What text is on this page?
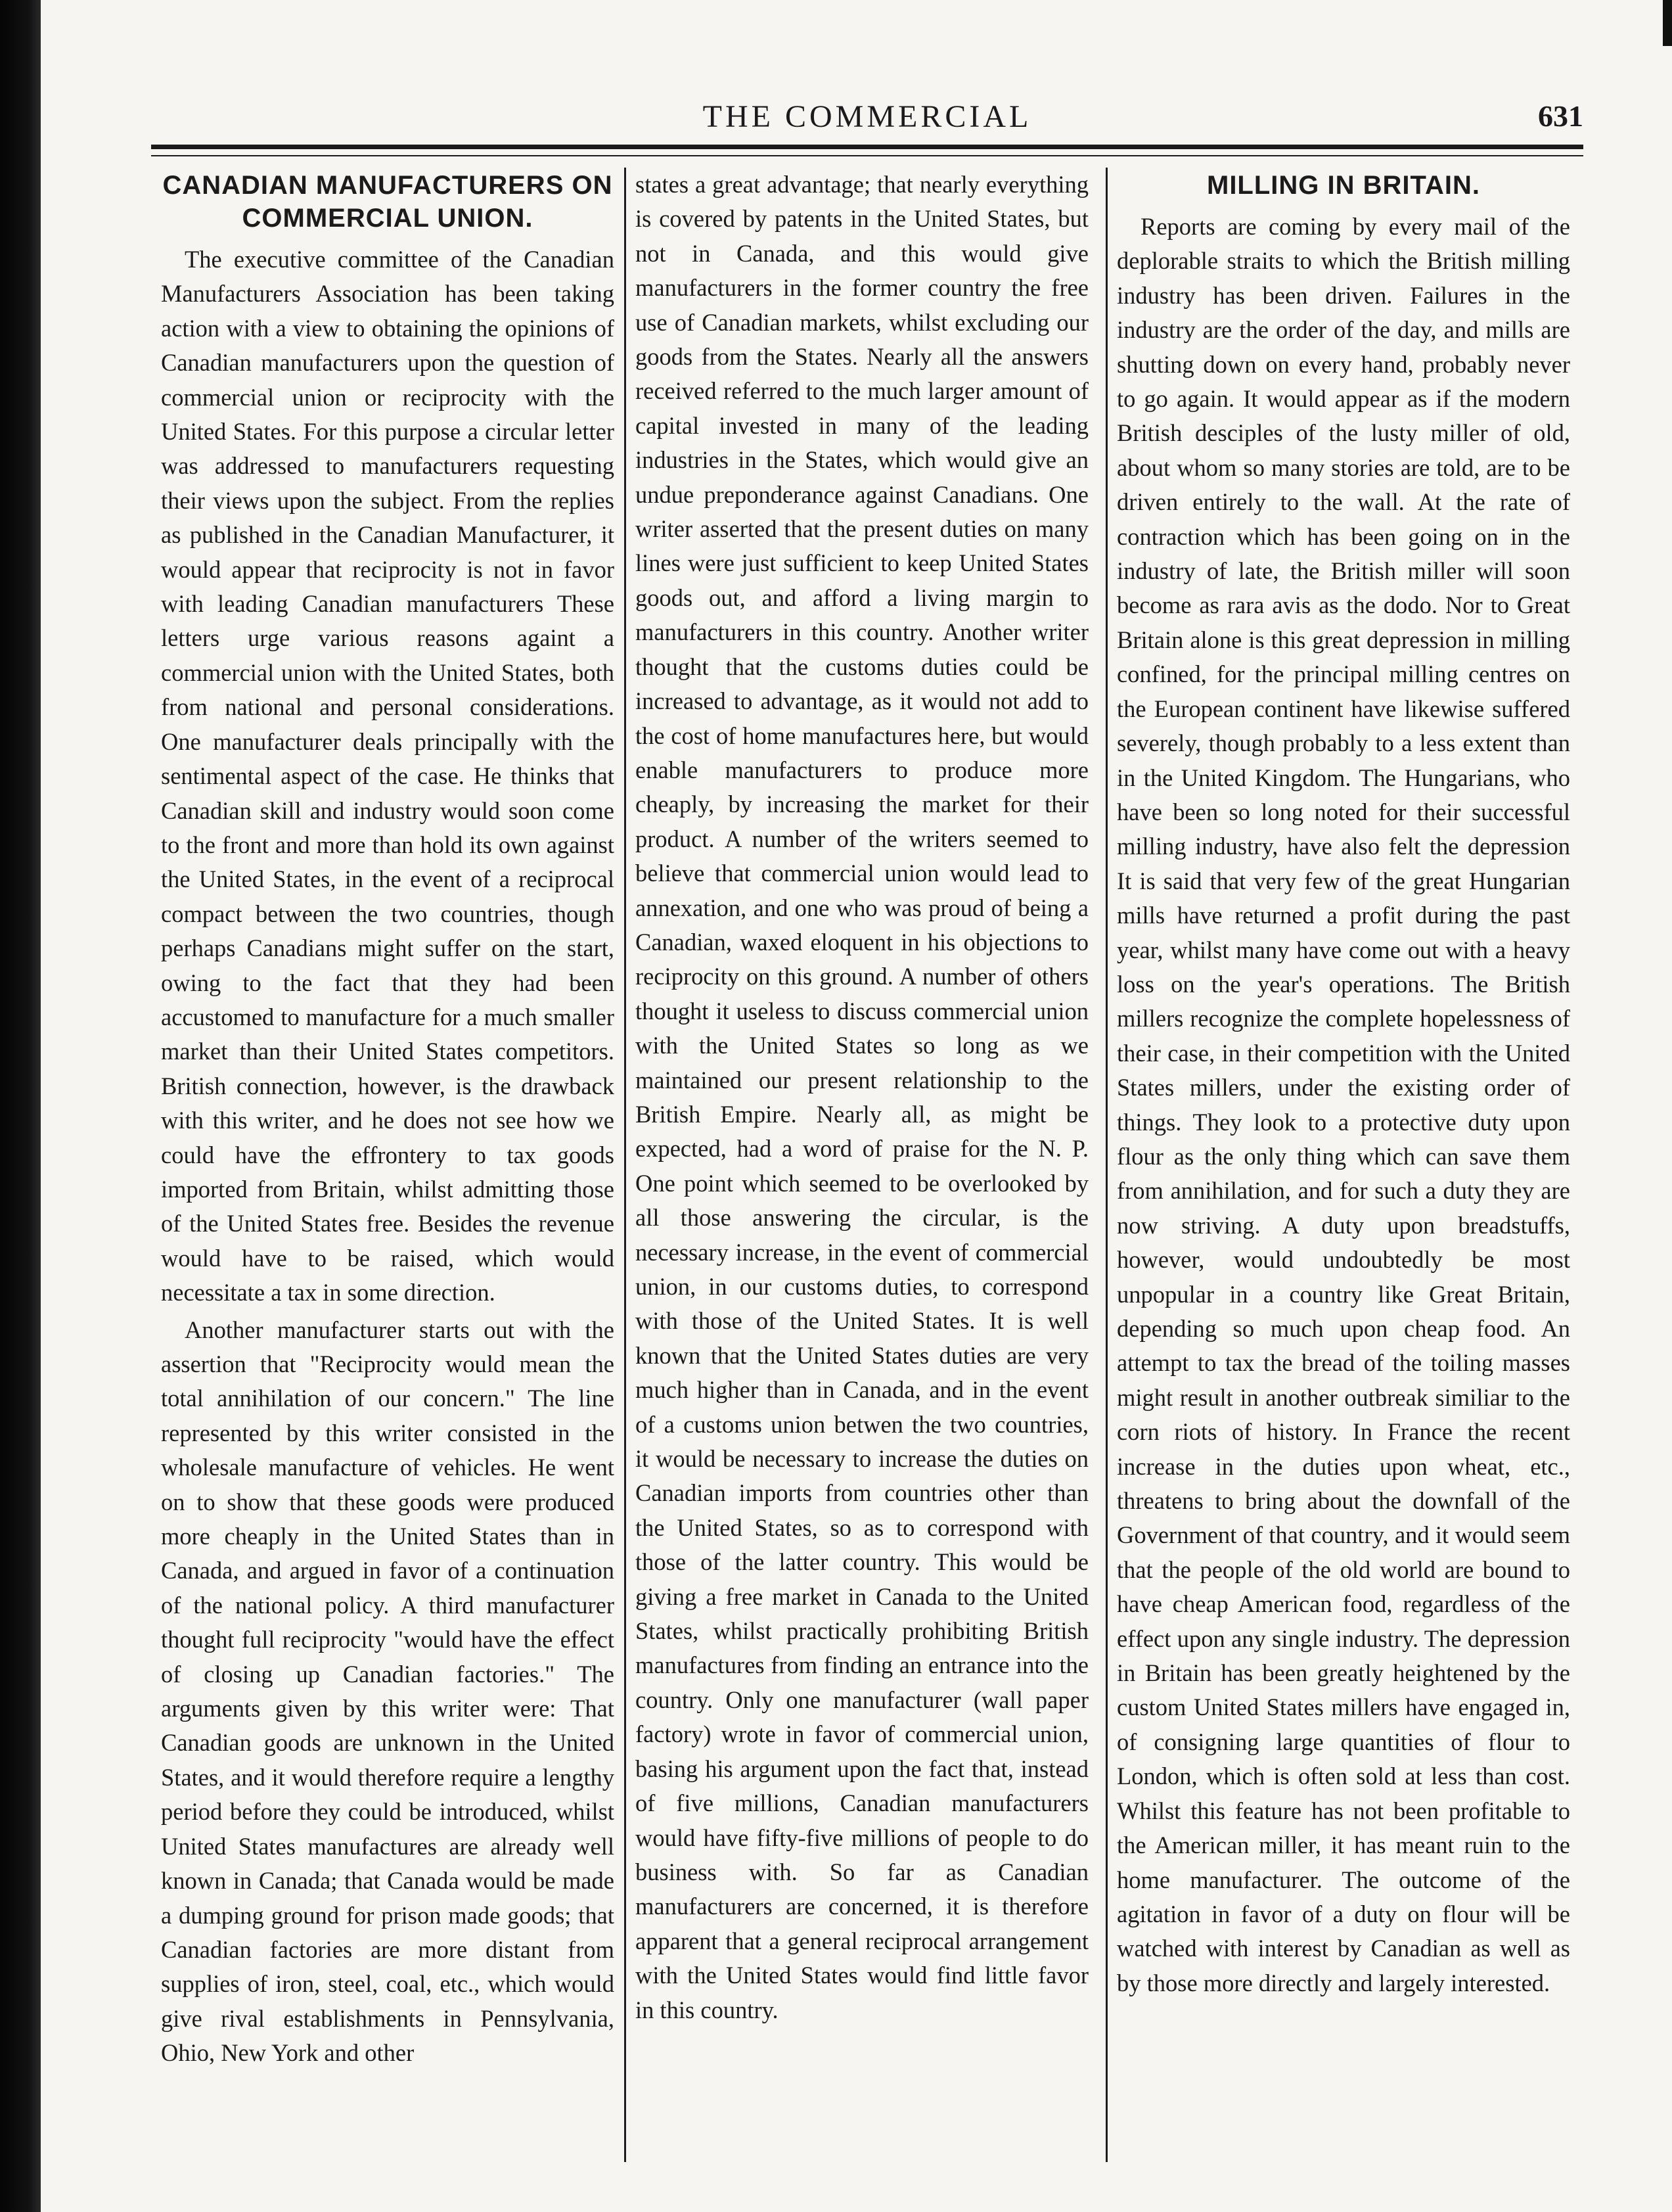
THE COMMERCIAL	631
CANADIAN MANUFACTURERS ON COMMERCIAL UNION.

The executive committee of the Canadian Manufacturers Association has been taking action with a view to obtaining the opinions of Canadian manufacturers upon the question of commercial union or reciprocity with the United States. For this purpose a circular letter was addressed to manufacturers requesting their views upon the subject. From the replies as published in the Canadian Manufacturer, it would appear that reciprocity is not in favor with leading Canadian manufacturers These letters urge various reasons againt a commercial union with the United States, both from national and personal considerations. One manufacturer deals principally with the sentimental aspect of the case. He thinks that Canadian skill and industry would soon come to the front and more than hold its own against the United States, in the event of a reciprocal compact between the two countries, though perhaps Canadians might suffer on the start, owing to the fact that they had been accustomed to manufacture for a much smaller market than their United States competitors. British connection, however, is the drawback with this writer, and he does not see how we could have the effrontery to tax goods imported from Britain, whilst admitting those of the United States free. Besides the revenue would have to be raised, which would necessitate a tax in some direction.

Another manufacturer starts out with the assertion that "Reciprocity would mean the total annihilation of our concern." The line represented by this writer consisted in the wholesale manufacture of vehicles. He went on to show that these goods were produced more cheaply in the United States than in Canada, and argued in favor of a continuation of the national policy. A third manufacturer thought full reciprocity "would have the effect of closing up Canadian factories." The arguments given by this writer were: That Canadian goods are unknown in the United States, and it would therefore require a lengthy period before they could be introduced, whilst United States manufactures are already well known in Canada; that Canada would be made a dumping ground for prison made goods; that Canadian factories are more distant from supplies of iron, steel, coal, etc., which would give rival establishments in Pennsylvania, Ohio, New York and other

states a great advantage; that nearly everything is covered by patents in the United States, but not in Canada, and this would give manufacturers in the former country the free use of Canadian markets, whilst excluding our goods from the States. Nearly all the answers received referred to the much larger amount of capital invested in many of the leading industries in the States, which would give an undue preponderance against Canadians. One writer asserted that the present duties on many lines were just sufficient to keep United States goods out, and afford a living margin to manufacturers in this country. Another writer thought that the customs duties could be increased to advantage, as it would not add to the cost of home manufactures here, but would enable manufacturers to produce more cheaply, by increasing the market for their product. A number of the writers seemed to believe that commercial union would lead to annexation, and one who was proud of being a Canadian, waxed eloquent in his objections to reciprocity on this ground. A number of others thought it useless to discuss commercial union with the United States so long as we maintained our present relationship to the British Empire. Nearly all, as might be expected, had a word of praise for the N. P. One point which seemed to be overlooked by all those answering the circular, is the necessary increase, in the event of commercial union, in our customs duties, to correspond with those of the United States. It is well known that the United States duties are very much higher than in Canada, and in the event of a customs union betwen the two countries, it would be necessary to increase the duties on Canadian imports from countries other than the United States, so as to correspond with those of the latter country. This would be giving a free market in Canada to the United States, whilst practically prohibiting British manufactures from finding an entrance into the country. Only one manufacturer (wall paper factory) wrote in favor of commercial union, basing his argument upon the fact that, instead of five millions, Canadian manufacturers would have fifty-five millions of people to do business with. So far as Canadian manufacturers are concerned, it is therefore apparent that a general reciprocal arrangement with the United States would find little favor in this country.

MILLING IN BRITAIN.

Reports are coming by every mail of the deplorable straits to which the British milling industry has been driven. Failures in the industry are the order of the day, and mills are shutting down on every hand, probably never to go again. It would appear as if the modern British desciples of the lusty miller of old, about whom so many stories are told, are to be driven entirely to the wall. At the rate of contraction which has been going on in the industry of late, the British miller will soon become as rara avis as the dodo. Nor to Great Britain alone is this great depression in milling confined, for the principal milling centres on the European continent have likewise suffered severely, though probably to a less extent than in the United Kingdom. The Hungarians, who have been so long noted for their successful milling industry, have also felt the depression It is said that very few of the great Hungarian mills have returned a profit during the past year, whilst many have come out with a heavy loss on the year's operations. The British millers recognize the complete hopelessness of their case, in their competition with the United States millers, under the existing order of things. They look to a protective duty upon flour as the only thing which can save them from annihilation, and for such a duty they are now striving. A duty upon breadstuffs, however, would undoubtedly be most unpopular in a country like Great Britain, depending so much upon cheap food. An attempt to tax the bread of the toiling masses might result in another outbreak similiar to the corn riots of history. In France the recent increase in the duties upon wheat, etc., threatens to bring about the downfall of the Government of that country, and it would seem that the people of the old world are bound to have cheap American food, regardless of the effect upon any single industry. The depression in Britain has been greatly heightened by the custom United States millers have engaged in, of consigning large quantities of flour to London, which is often sold at less than cost. Whilst this feature has not been profitable to the American miller, it has meant ruin to the home manufacturer. The outcome of the agitation in favor of a duty on flour will be watched with interest by Canadian as well as by those more directly and largely interested.
